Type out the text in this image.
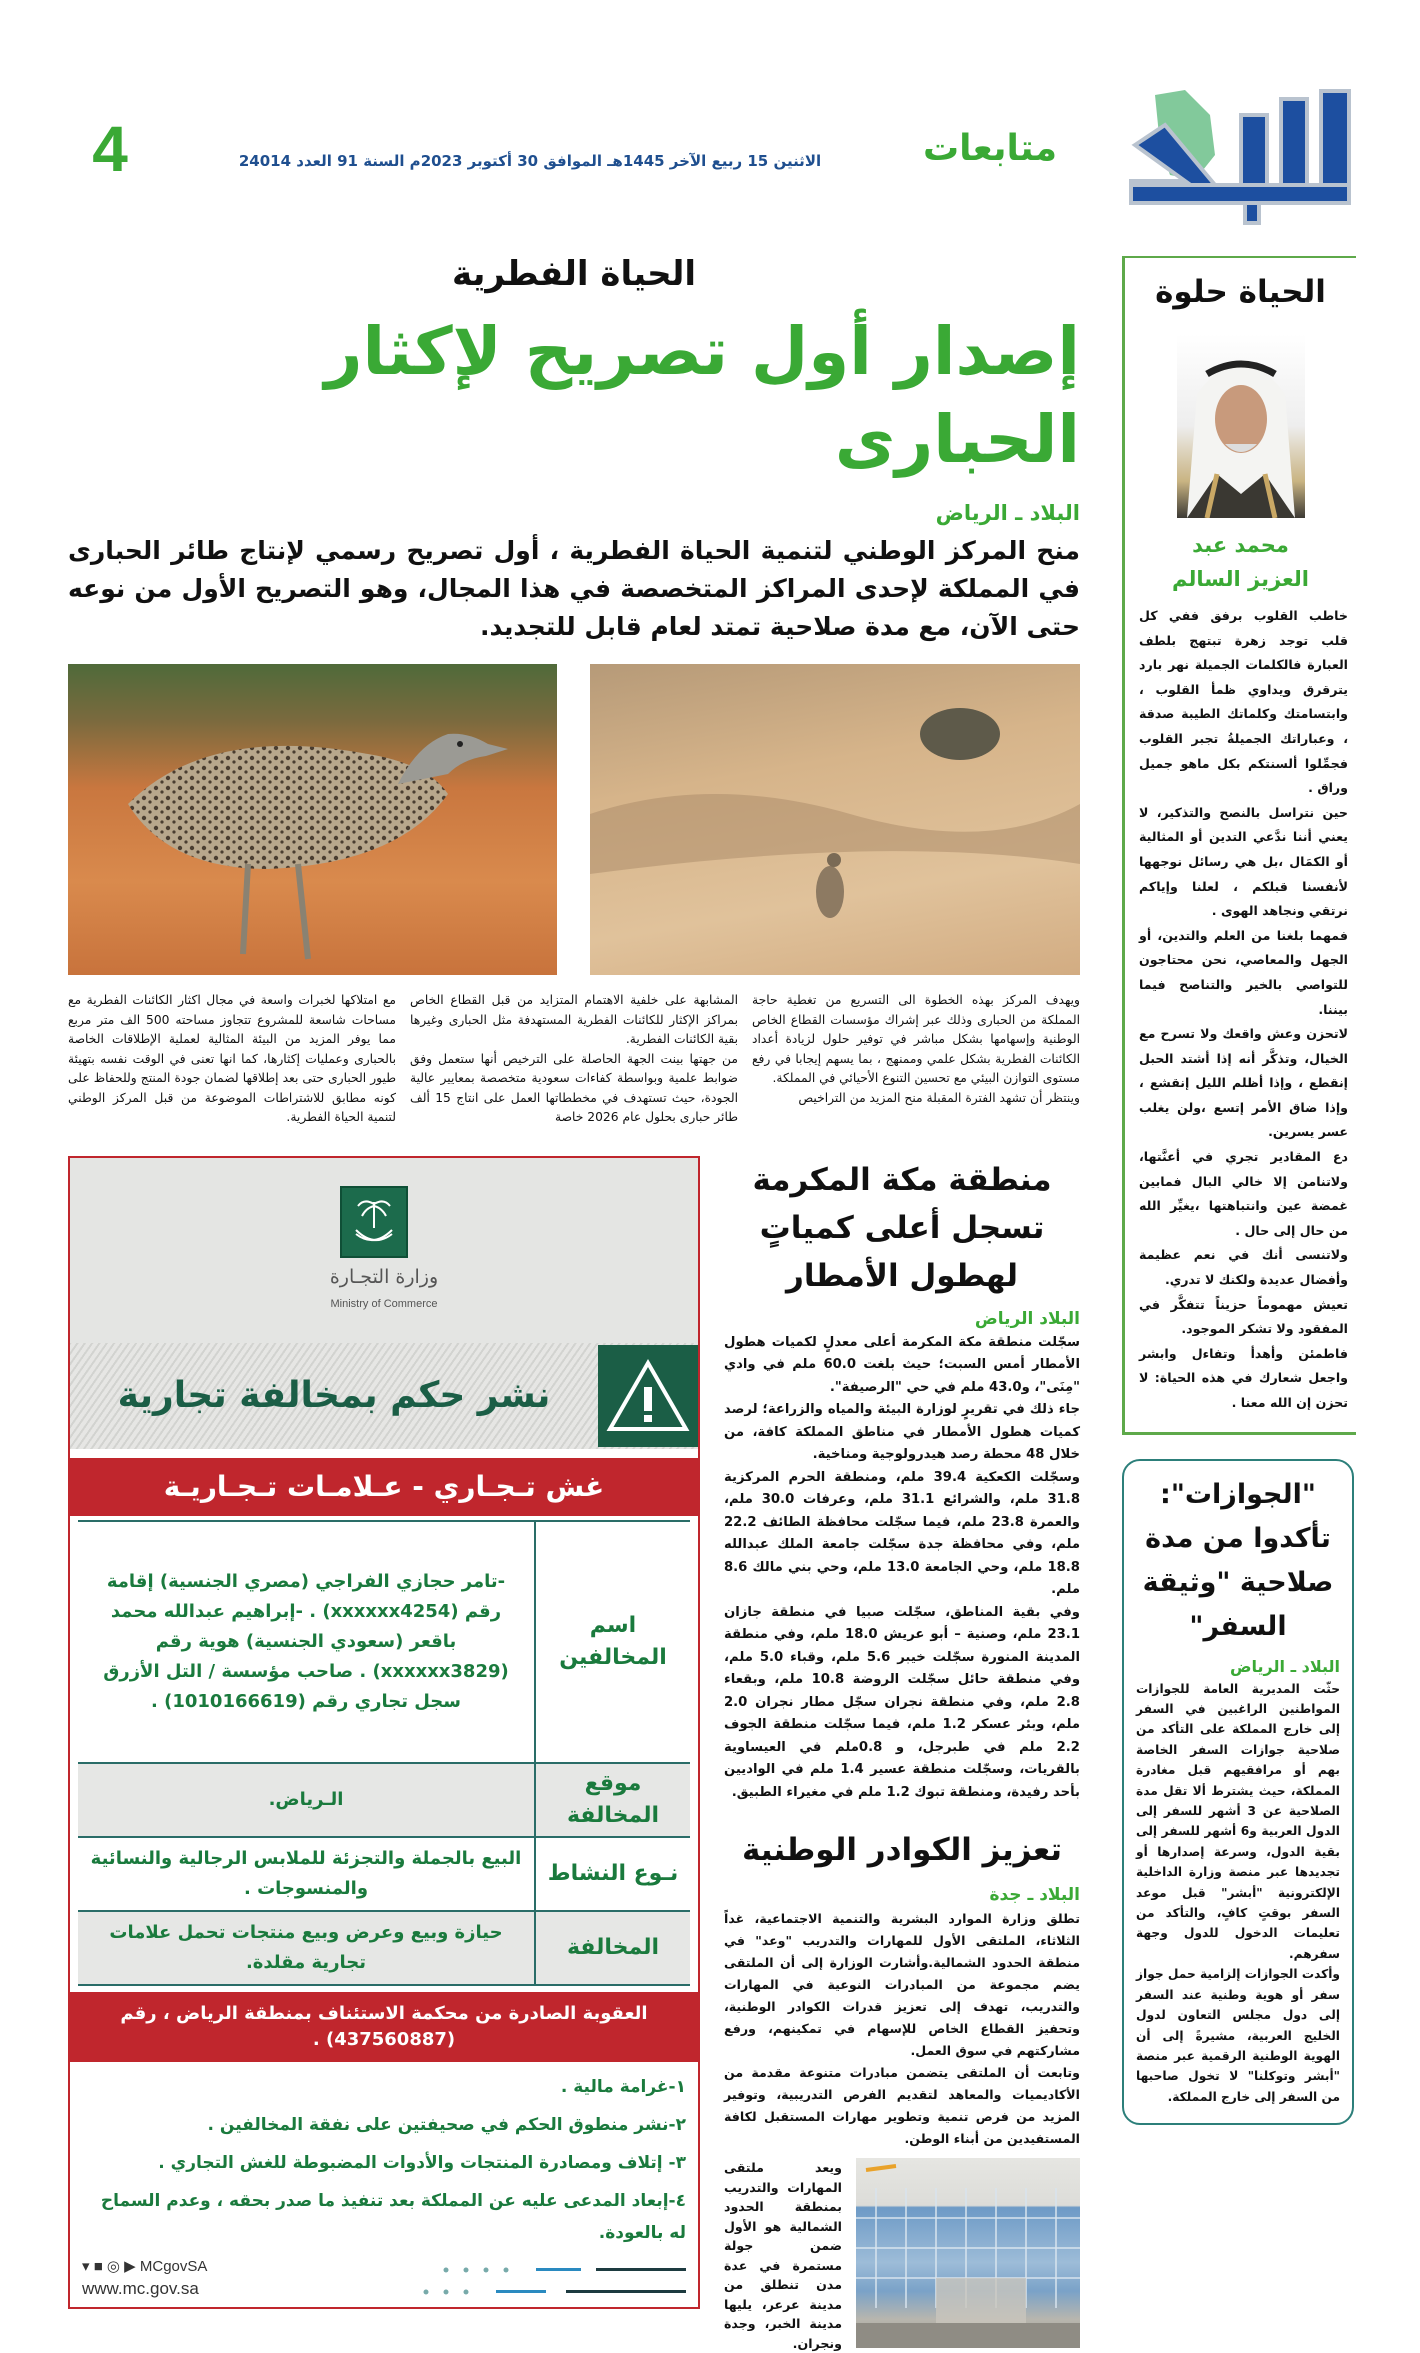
متابعات
الاثنين 15 ربيع الآخر 1445هـ الموافق 30 أكتوبر 2023م السنة 91 العدد 24014
4
الحياة الفطرية
إصدار أول تصريح لإكثار الحبارى
البلاد ـ الرياض
منح المركز الوطني لتنمية الحياة الفطرية ، أول تصريح رسمي لإنتاج طائر الحبارى في المملكة لإحدى المراكز المتخصصة في هذا المجال، وهو التصريح الأول من نوعه حتى الآن، مع مدة صلاحية تمتد لعام قابل للتجديد.

ويهدف المركز بهذه الخطوة الى التسريع من تغطية حاجة المملكة من الحبارى وذلك عبر إشراك مؤسسات القطاع الخاص الوطنية وإسهامها بشكل مباشر في توفير حلول لزيادة أعداد الكائنات الفطرية بشكل علمي وممنهج ، بما يسهم إيجابا في رفع مستوى التوازن البيئي مع تحسين التنوع الأحيائي في المملكة.

وينتظر أن تشهد الفترة المقبلة منح المزيد من التراخيص

المشابهة على خلفية الاهتمام المتزايد من قبل القطاع الخاص بمراكز الإكثار للكائنات الفطرية المستهدفة مثل الحبارى وغيرها بقية الكائنات الفطرية.

من جهتها بينت الجهة الحاصلة على الترخيص أنها ستعمل وفق ضوابط علمية وبواسطة كفاءات سعودية متخصصة بمعايير عالية الجودة، حيث تستهدف في مخططاتها العمل على انتاج 15 ألف طائر حبارى بحلول عام 2026 خاصة

مع امتلاكها لخبرات واسعة في مجال اكثار الكائنات الفطرية مع مساحات شاسعة للمشروع تتجاوز مساحته 500 الف متر مربع مما يوفر المزيد من البيئة المثالية لعملية الإطلاقات الخاصة بالحبارى وعمليات إكثارها، كما انها تعنى في الوقت نفسه بتهيئة طيور الحبارى حتى بعد إطلاقها لضمان جودة المنتج وللحفاظ على كونه مطابق للاشتراطات الموضوعة من قبل المركز الوطني لتنمية الحياة الفطرية.

منطقة مكة المكرمة تسجل أعلى كمياتٍ لهطول الأمطار
البلاد الرياض

سجّلت منطقة مكة المكرمة أعلى معدلٍ لكميات هطول الأمطار أمس السبت؛ حيث بلغت 60.0 ملم في وادي "مِنَى"، و43.0 ملم في حي "الرصيفة".

جاء ذلك في تقريرٍ لوزارة البيئة والمياه والزراعة؛ لرصد كميات هطول الأمطار في مناطق المملكة كافة، من خلال 48 محطة رصد هيدرولوجية ومناخية.

وسجّلت الكعكية 39.4 ملم، ومنطقة الحرم المركزية 31.8 ملم، والشرائع 31.1 ملم، وعرفات 30.0 ملم، والعمرة 23.8 ملم، فيما سجّلت محافظة الطائف 22.2 ملم، وفي محافظة جدة سجّلت جامعة الملك عبدالله 18.8 ملم، وحي الجامعة 13.0 ملم، وحي بني مالك 8.6 ملم.

وفي بقية المناطق، سجّلت صبيا في منطقة جازان 23.1 ملم، وصنية – أبو عريش 18.0 ملم، وفي منطقة المدينة المنورة سجّلت خيبر 5.6 ملم، وقباء 5.0 ملم، وفي منطقة حائل سجّلت الروضة 10.8 ملم، وبقعاء 2.8 ملم، وفي منطقة نجران سجّل مطار نجران 2.0 ملم، وبئر عسكر 1.2 ملم، فيما سجّلت منطقة الجوف 2.2 ملم في طبرجل، و 0.8ملم في العيساوية بالقريات، وسجّلت منطقة عسير 1.4 ملم في الواديين بأحد رفيدة، ومنطقة تبوك 1.2 ملم في مغيراء الطبيق.

تعزيز الكوادر الوطنية
البلاد ـ جدة

تطلق وزارة الموارد البشرية والتنمية الاجتماعية، غداً الثلاثاء، الملتقى الأول للمهارات والتدريب "وعد" في منطقة الحدود الشمالية.وأشارت الوزارة إلى أن الملتقى يضم مجموعة من المبادرات النوعية في المهارات والتدريب، تهدف إلى تعزيز قدرات الكوادر الوطنية، وتحفيز القطاع الخاص للإسهام في تمكينهم، ورفع مشاركتهم في سوق العمل.

وتابعت أن الملتقى يتضمن مبادرات متنوعة مقدمة من الأكاديميات والمعاهد لتقديم الفرص التدريبية، وتوفير المزيد من فرص تنمية وتطوير مهارات المستقبل لكافة المستفيدين من أبناء الوطن.

ويعد ملتقى المهارات والتدريب بمنطقة الحدود الشمالية هو الأول ضمن جولة مستمرة في عدة مدن تنطلق من مدينة عرعر، يليها مدينة الخبر، وجدة ونجران.
وزارة التجـارة
Ministry of Commerce
نشر حكم بمخالفة تجارية
غش تـجـاري - عـلامـات تـجـاريـة
اسم المخالفين	-تامر حجازي الفراجي (مصري الجنسية) إقامة رقم (xxxxxx4254) . -إبراهيم عبدالله محمد باقعر (سعودي الجنسية) هوية رقم (xxxxxx3829) . صاحب مؤسسة / التل الأزرق سجل تجاري رقم (1010166619) .
موقع المخالفة	الـرياض.
نـوع النشاط	البيع بالجملة والتجزئة للملابس الرجالية والنسائية والمنسوجات .
المخالفة	حيازة وبيع وعرض وبيع منتجات تحمل علامات تجارية مقلدة.
العقوبة الصادرة من محكمة الاستئناف بمنطقة الرياض ، رقم (437560887) .
١-غرامة مالية .
٢-نشر منطوق الحكم في صحيفتين على نفقة المخالفين .
٣- إتلاف ومصادرة المنتجات والأدوات المضبوطة للغش التجاري .
٤-إبعاد المدعى عليه عن المملكة بعد تنفيذ ما صدر بحقه ، وعدم السماح له بالعودة.
▾ ■ ◎ ▶ MCgovSA
www.mc.gov.sa
الحياة حلوة
محمد عبد
العزيز السالم

خاطب القلوب برفق ففي كل قلب توجد زهرة تبتهج بلطف العبارة فالكلمات الجميلة نهر بارد يترقرق ويداوي ظمأ القلوب ، وابتسامتك وكلماتك الطيبة صدقة ، وعباراتك الجميلةُ تجبر القلوب فجمِّلوا ألسنتكم بكل ماهو جميل وراق .

حين نتراسل بالنصح والتذكير، لا يعني أننا ندَّعي التدين أو المثالية أو الكمَال ،بل هي رسائل نوجهها لأنفسنا قبلكم ، لعلنا وإياكم نرتقي ونجاهد الهوى .

فمهما بلغنا من العلم والتدين، أو الجهل والمعاصي، نحن محتاجون للتواصي بالخير والتناصح فيما بيننا.

لاتحزن وعش واقعك ولا تسرح مع الخيال، وتذكَّر أنه إذا أشتد الحبل إنقطع ، وإذا أظلم الليل إنقشع ، وإذا ضاق الأمر إتسع ،ولن يغلب عسر يسرين.

دع المقادير تجري في أعنَّتها، ولاتنامن إلا خالي البال فمابين غمضة عين وانتباهتها ،يغيِّر الله من حال إلى حال .

ولاتنسى أنك في نعم عظيمة وأفضال عديدة ولكنك لا تدري.

تعيش مهموماً حزيناً تتفكَّر في المفقود ولا تشكر الموجود.

فاطمئن وأهدأ وتفاءل وابشر واجعل شعارك في هذه الحياة: لا تحزن إن الله معنا .

"الجوازات": تأكدوا من مدة صلاحية "وثيقة السفر"
البلاد ـ الرياض

حثّت المديرية العامة للجوازات المواطنين الراغبين في السفر إلى خارج المملكة على التأكد من صلاحية جوازات السفر الخاصة بهم أو مرافقيهم قبل مغادرة المملكة، حيث يشترط ألا تقل مدة الصلاحية عن 3 أشهر للسفر إلى الدول العربية و6 أشهر للسفر إلى بقية الدول، وسرعة إصدارها أو تجديدها عبر منصة وزارة الداخلية الإلكترونية "أبشر" قبل موعد السفر بوقتٍ كافٍ، والتأكد من تعليمات الدخول للدول وجهة سفرهم.

وأكدت الجوازات إلزامية حمل جواز سفر أو هوية وطنية عند السفر إلى دول مجلس التعاون لدول الخليج العربية، مشيرةً إلى أن الهوية الوطنية الرقمية عبر منصة "أبشر وتوكلنا" لا تخول صاحبها من السفر إلى خارج المملكة.
